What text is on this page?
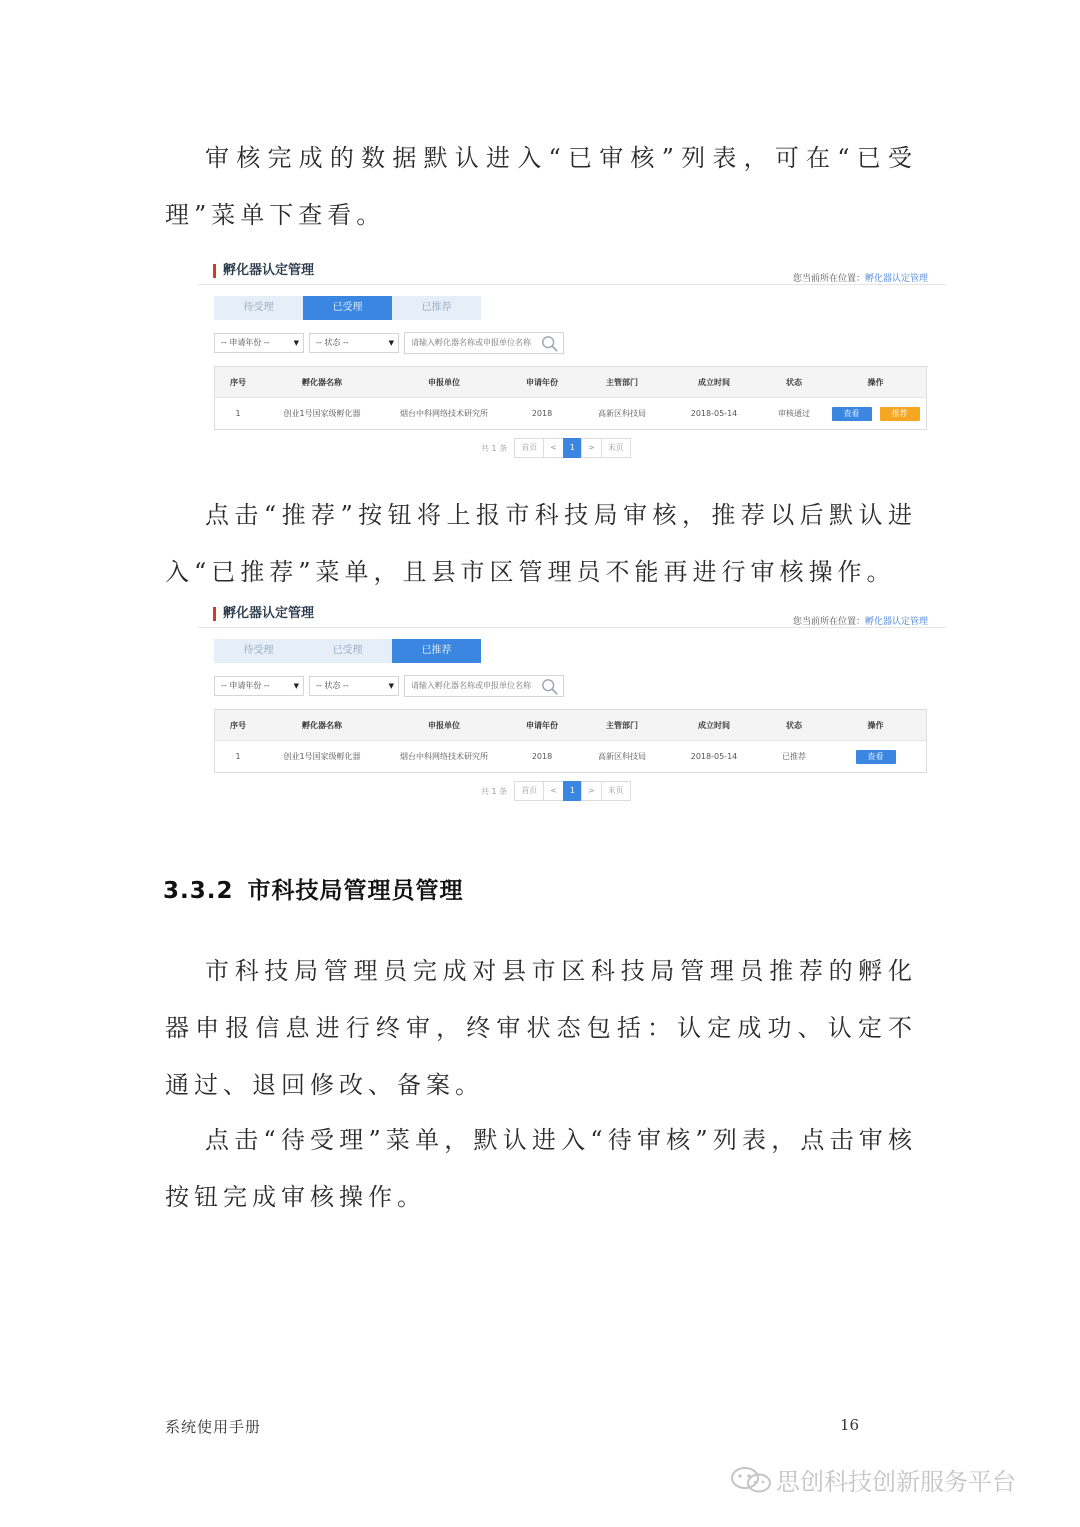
审核完成的数据默认进入“已审核”列表，可在“已受理”菜单下查看。

孵化器认定管理
您当前所在位置：孵化器认定管理
待受理	已受理	已推荐
-- 申请年份 --	▼	-- 状态 --	▼
请输入孵化器名称或申报单位名称
序号	孵化器名称	申报单位	申请年份	主管部门	成立时间	状态	操作
1	创业1号国家级孵化器	烟台中科网络技术研究所	2018	高新区科技局	2018-05-14	审核通过	查看 推荐
共 1 条	首页	<	1	>	末页

点击“推荐”按钮将上报市科技局审核，推荐以后默认进入“已推荐”菜单，且县市区管理员不能再进行审核操作。

孵化器认定管理
您当前所在位置：孵化器认定管理
待受理	已受理	已推荐
-- 申请年份 --	▼	-- 状态 --	▼
请输入孵化器名称或申报单位名称
序号	孵化器名称	申报单位	申请年份	主管部门	成立时间	状态	操作
1	创业1号国家级孵化器	烟台中科网络技术研究所	2018	高新区科技局	2018-05-14	已推荐	查看
共 1 条	首页	<	1	>	末页
3.3.2 市科技局管理员管理

市科技局管理员完成对县市区科技局管理员推荐的孵化器申报信息进行终审，终审状态包括：认定成功、认定不通过、退回修改、备案。

点击“待受理”菜单，默认进入“待审核”列表，点击审核按钮完成审核操作。

系统使用手册	16
思创科技创新服务平台
